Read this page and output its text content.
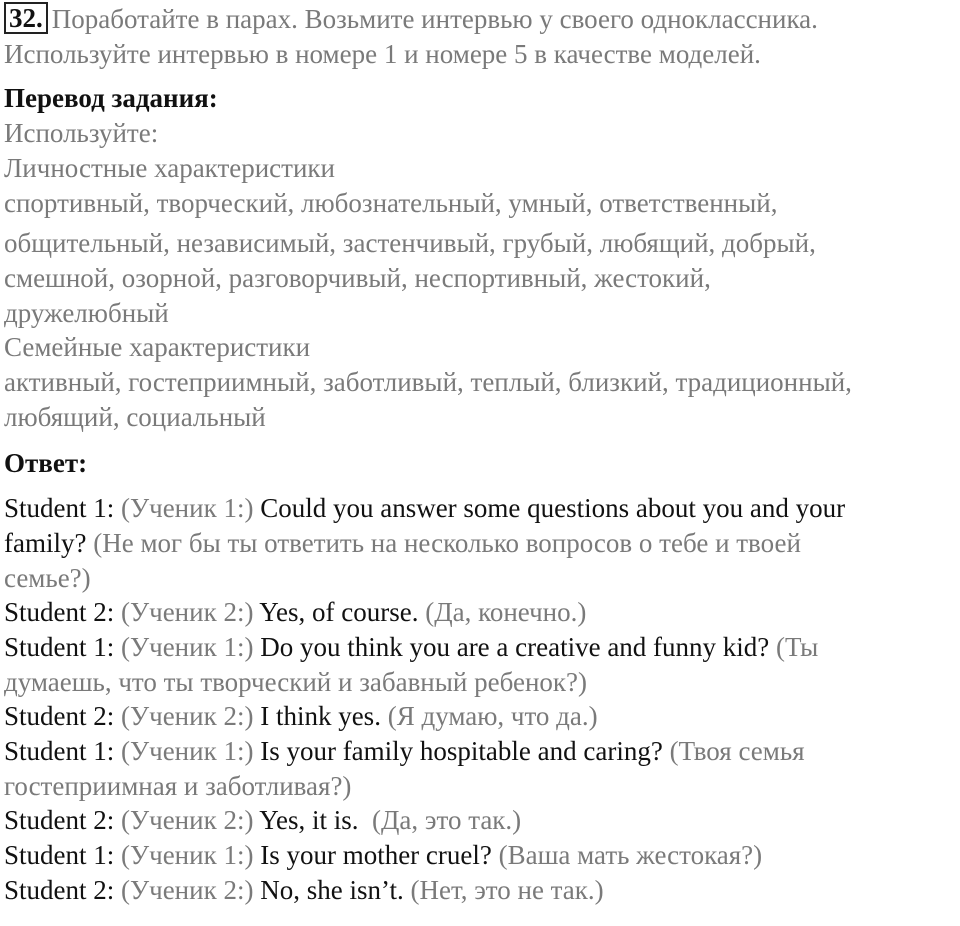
32. Поработайте в парах. Возьмите интервью у своего одноклассника.
Используйте интервью в номере 1 и номере 5 в качестве моделей.
Перевод задания:
Используйте:
Личностные характеристики
спортивный, творческий, любознательный, умный, ответственный,
общительный, независимый, застенчивый, грубый, любящий, добрый,
смешной, озорной, разговорчивый, неспортивный, жестокий,
дружелюбный
Семейные характеристики
активный, гостеприимный, заботливый, теплый, близкий, традиционный,
любящий, социальный
Ответ:
Student 1: (Ученик 1:) Could you answer some questions about you and your
family? (Не мог бы ты ответить на несколько вопросов о тебе и твоей
семье?)
Student 2: (Ученик 2:) Yes, of course. (Да, конечно.)
Student 1: (Ученик 1:) Do you think you are a creative and funny kid? (Ты
думаешь, что ты творческий и забавный ребенок?)
Student 2: (Ученик 2:) I think yes. (Я думаю, что да.)
Student 1: (Ученик 1:) Is your family hospitable and caring? (Твоя семья
гостеприимная и заботливая?)
Student 2: (Ученик 2:) Yes, it is. (Да, это так.)
Student 1: (Ученик 1:) Is your mother cruel? (Ваша мать жестокая?)
Student 2: (Ученик 2:) No, she isn’t. (Нет, это не так.)
